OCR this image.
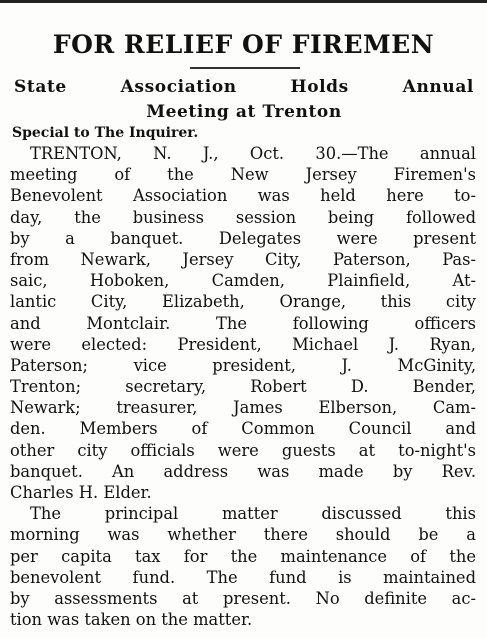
FOR RELIEF OF FIREMEN
State Association Holds Annual
Meeting at Trenton
Special to The Inquirer.
TRENTON, N. J., Oct. 30.—The annual
meeting of the New Jersey Firemen's
Benevolent Association was held here to-
day, the business session being followed
by a banquet. Delegates were present
from Newark, Jersey City, Paterson, Pas-
saic, Hoboken, Camden, Plainfield, At-
lantic City, Elizabeth, Orange, this city
and Montclair. The following officers
were elected: President, Michael J. Ryan,
Paterson; vice president, J. McGinity,
Trenton; secretary, Robert D. Bender,
Newark; treasurer, James Elberson, Cam-
den. Members of Common Council and
other city officials were guests at to-night's
banquet. An address was made by Rev.
Charles H. Elder.
The principal matter discussed this
morning was whether there should be a
per capita tax for the maintenance of the
benevolent fund. The fund is maintained
by assessments at present. No definite ac-
tion was taken on the matter.
